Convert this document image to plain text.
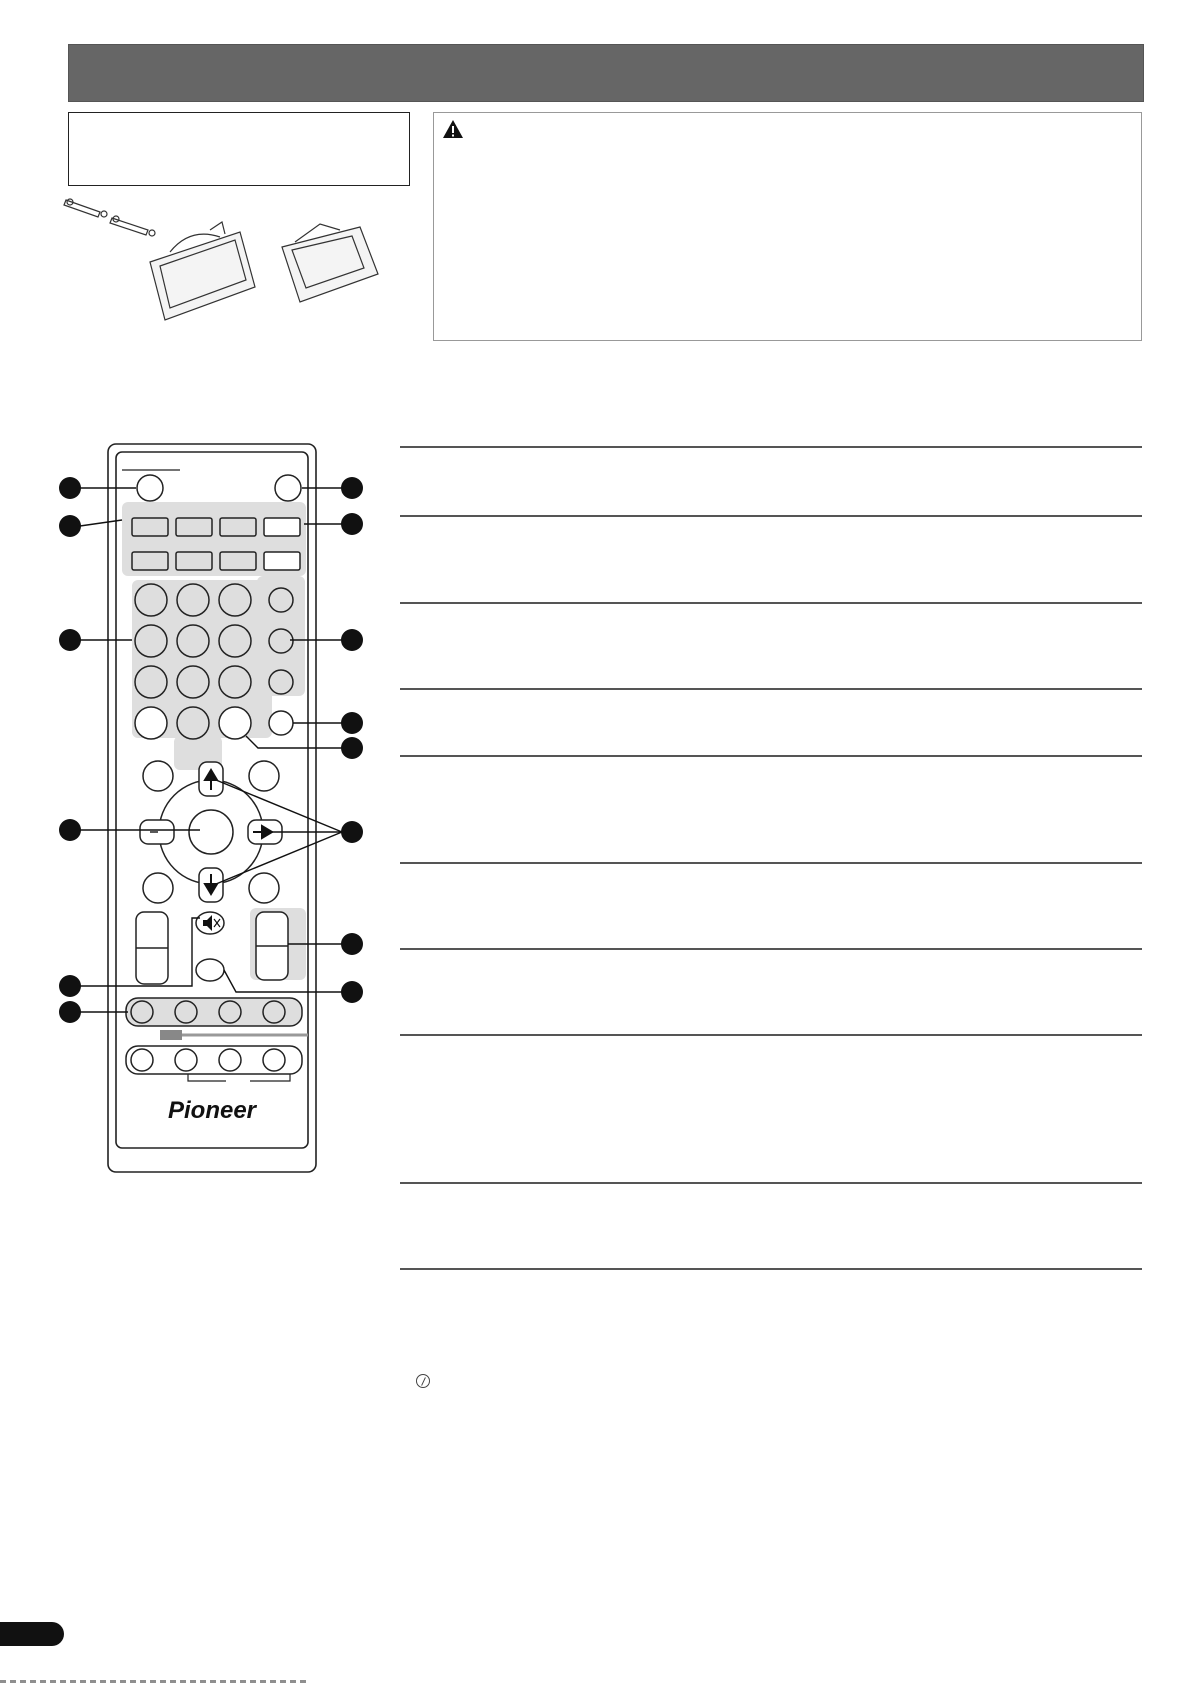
Pioneer
